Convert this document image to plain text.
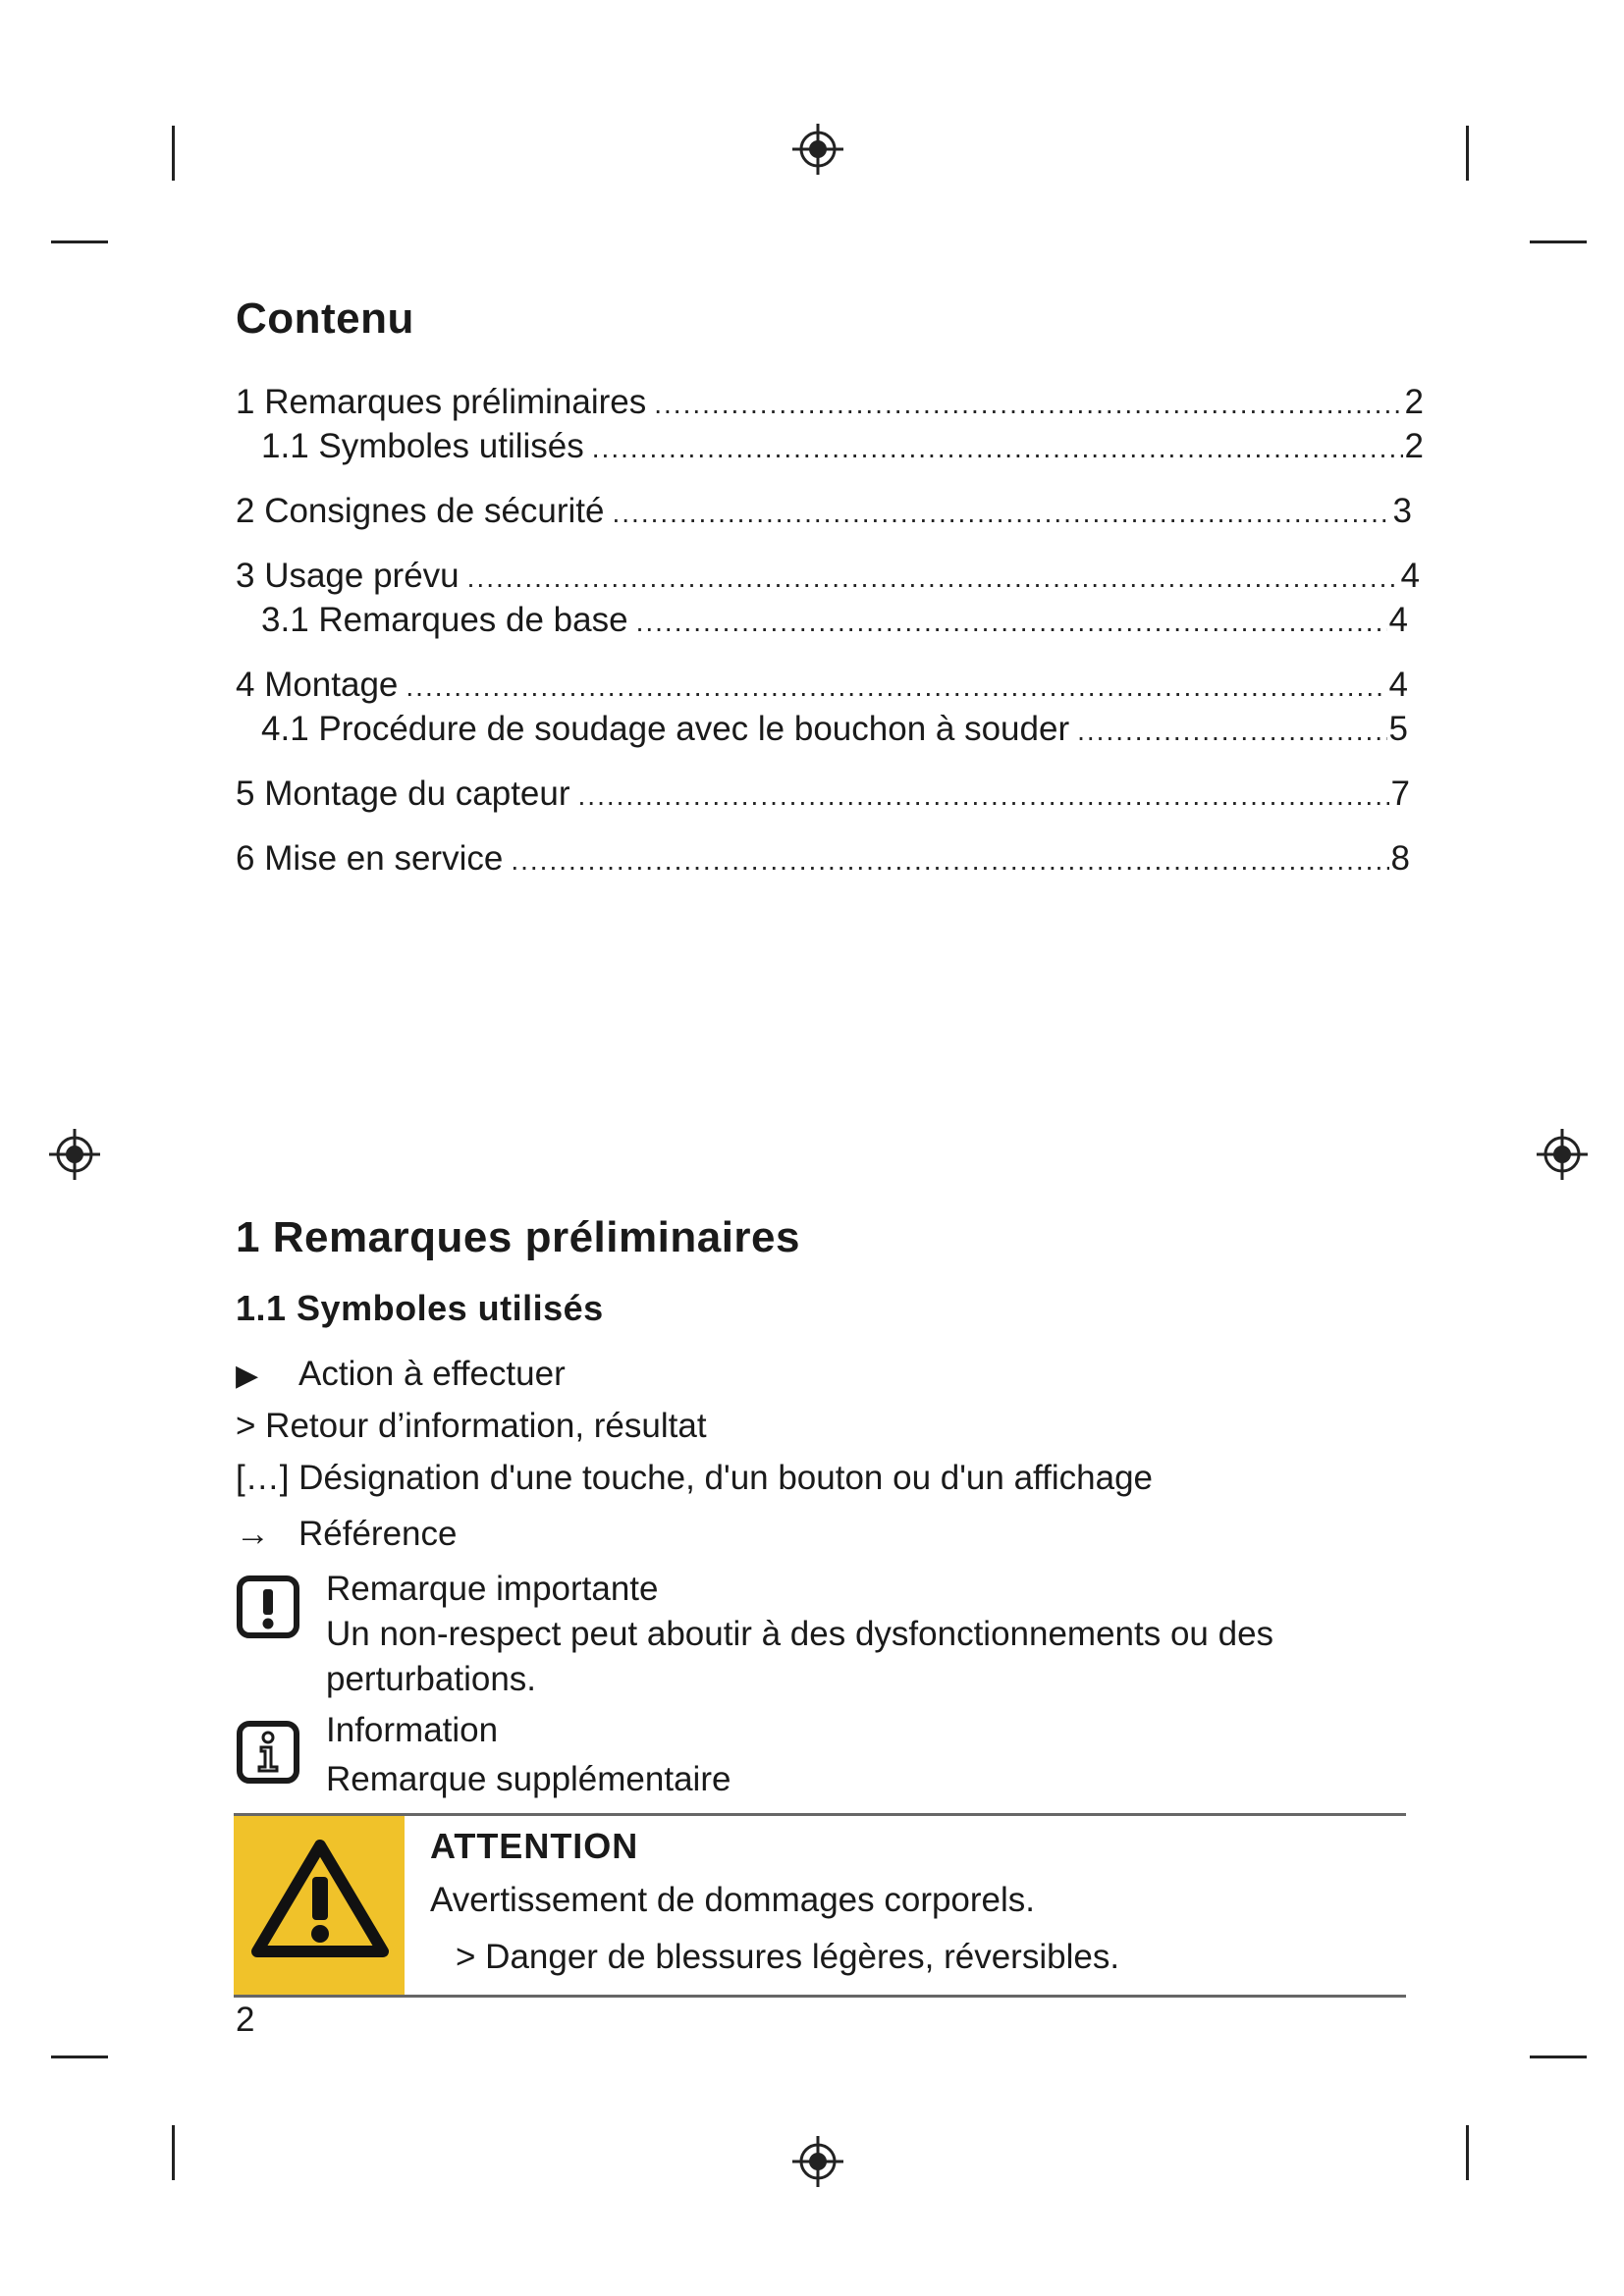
Contenu
1 Remarques préliminaires .....	2
1.1 Symboles utilisés .....	2
2 Consignes de sécurité .....	3
3 Usage prévu .....	4
3.1 Remarques de base .....	4
4 Montage .....	4
4.1 Procédure de soudage avec le bouchon à souder .....	5
5 Montage du capteur .....	7
6 Mise en service .....	8
1 Remarques préliminaires
1.1 Symboles utilisés
▶ Action à effectuer
> Retour d’information, résultat
[…] Désignation d'une touche, d'un bouton ou d'un affichage
→ Référence
Remarque importante
Un non-respect peut aboutir à des dysfonctionnements ou des
perturbations.
Information
Remarque supplémentaire
ATTENTION
Avertissement de dommages corporels.
> Danger de blessures légères, réversibles.
2
